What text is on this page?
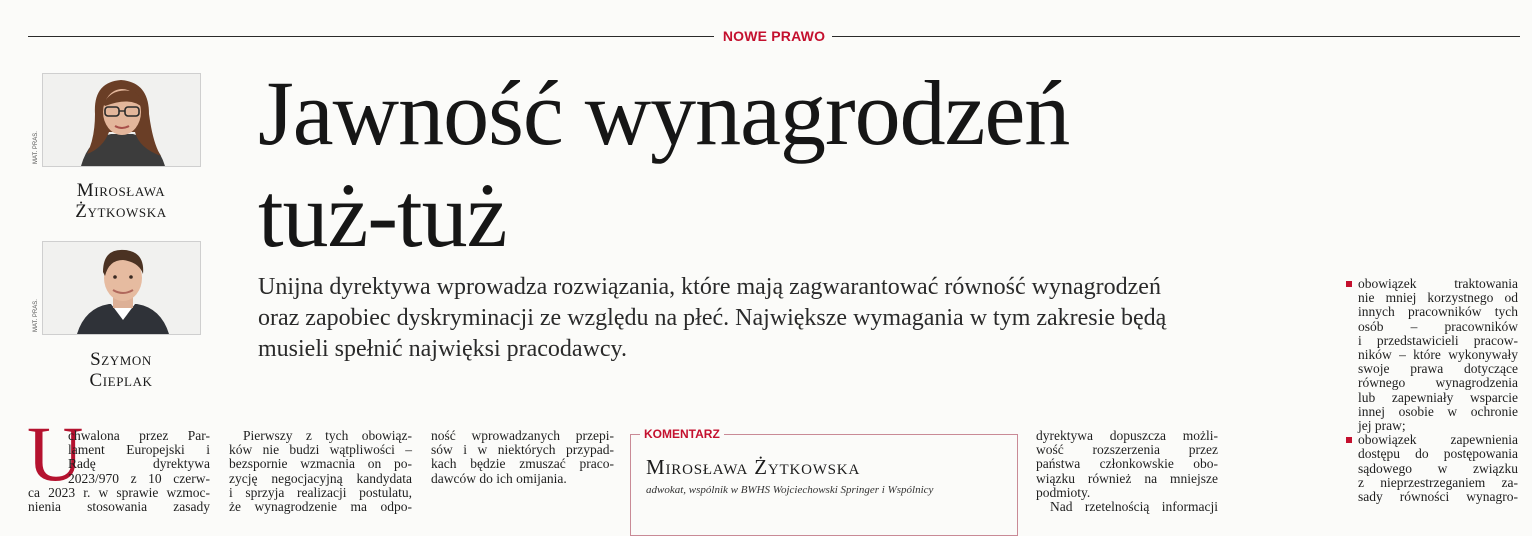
NOWE PRAWO
MAT. PRAS.
Mirosława
Żytkowska
MAT. PRAS.
Szymon
Cieplak
Jawność wynagrodzeń
tuż-tuż
Unijna dyrektywa wprowadza rozwiązania, które mają zagwarantować równość wynagrodzeń
oraz zapobiec dyskryminacji ze względu na płeć. Największe wymagania w tym zakresie będą
musieli spełnić najwięksi pracodawcy.
U
chwalona przez Par-
lament Europejski i
Radę dyrektywa
2023/970 z 10 czerw-
ca 2023 r. w sprawie wzmoc-
nienia stosowania zasady
Pierwszy z tych obowiąz-
ków nie budzi wątpliwości –
bezspornie wzmacnia on po-
zycję negocjacyjną kandydata
i sprzyja realizacji postulatu,
że wynagrodzenie ma odpo-
ność wprowadzanych przepi-
sów i w niektórych przypad-
kach będzie zmuszać praco-
dawców do ich omijania.
KOMENTARZ
Mirosława Żytkowska
adwokat, wspólnik w BWHS Wojciechowski Springer i Wspólnicy
dyrektywa dopuszcza możli-
wość rozszerzenia przez
państwa członkowskie obo-
wiązku również na mniejsze
podmioty.
Nad rzetelnością informacji
obowiązek traktowania
nie mniej korzystnego od
innych pracowników tych
osób – pracowników
i przedstawicieli pracow-
ników – które wykonywały
swoje prawa dotyczące
równego wynagrodzenia
lub zapewniały wsparcie
innej osobie w ochronie
jej praw;
obowiązek zapewnienia
dostępu do postępowania
sądowego w związku
z nieprzestrzeganiem za-
sady równości wynagro-
